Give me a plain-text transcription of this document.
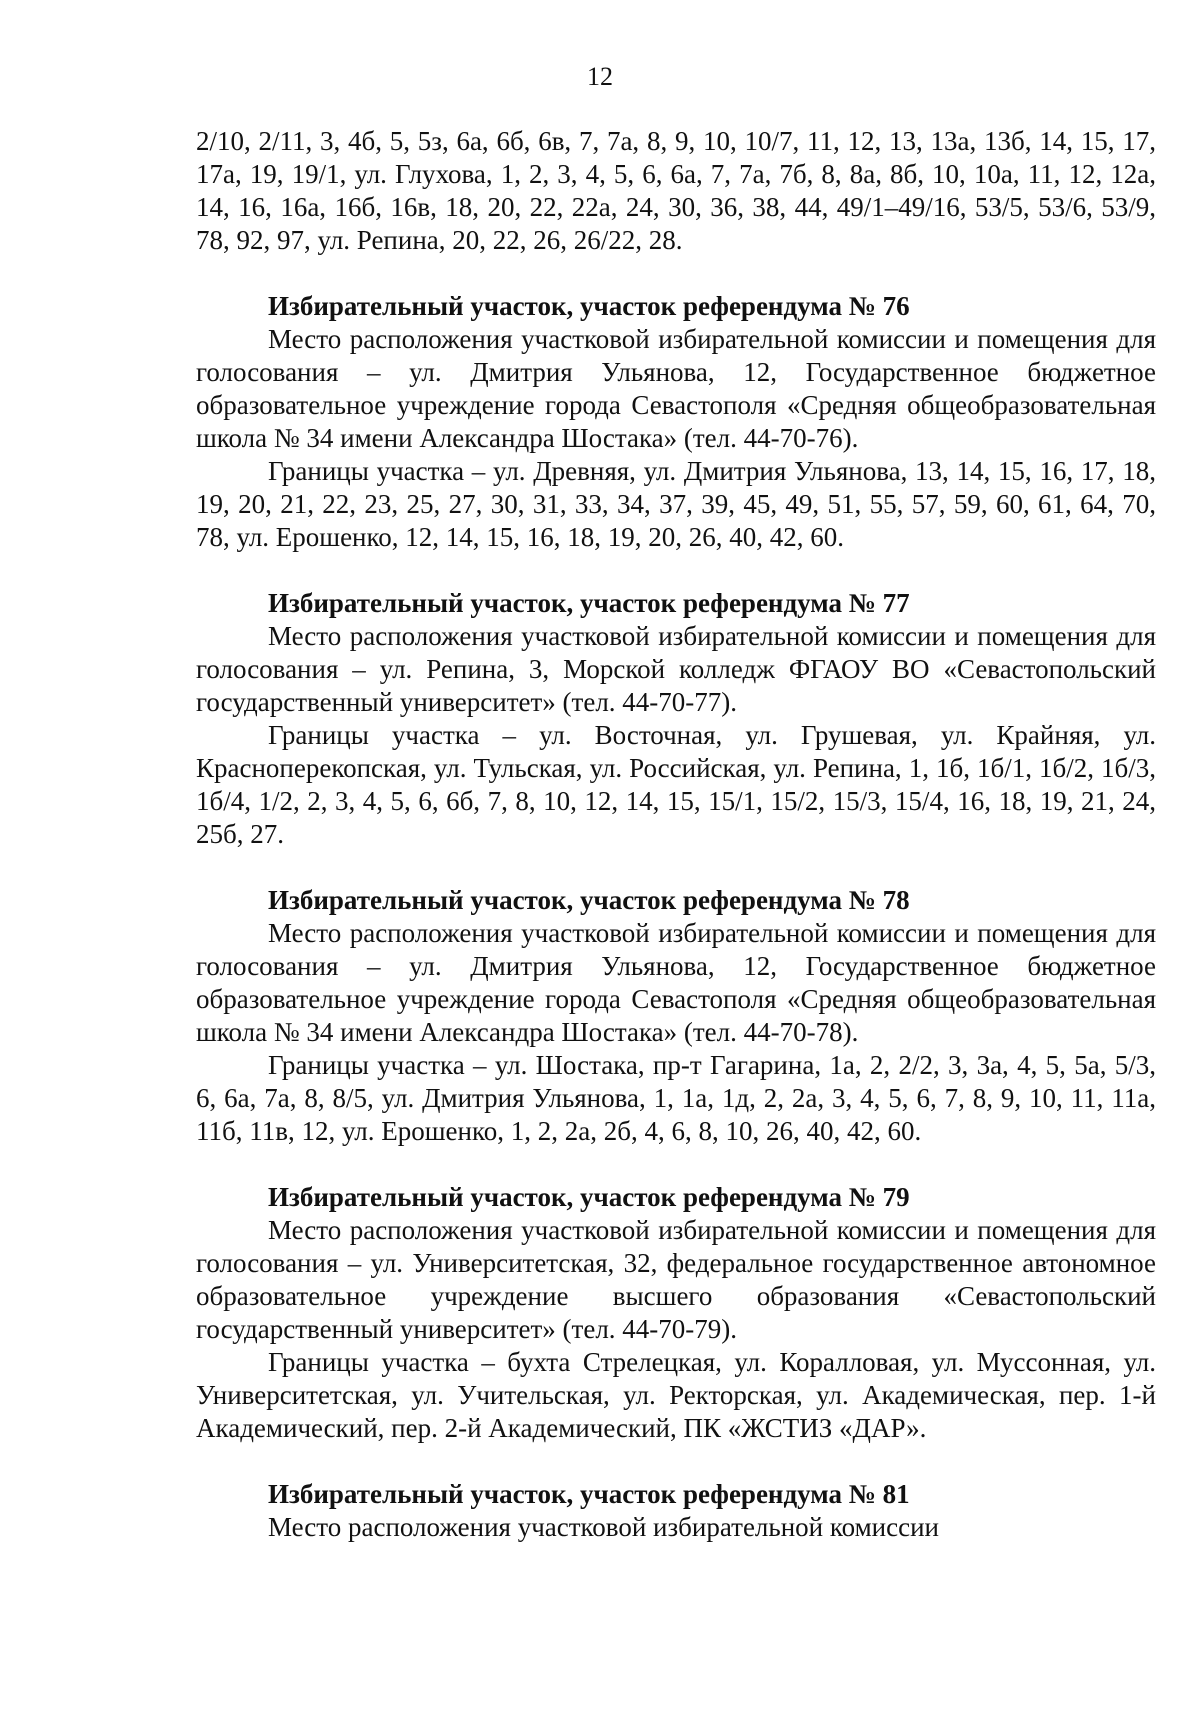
12

2/10, 2/11, 3, 4б, 5, 5з, 6а, 6б, 6в, 7, 7а, 8, 9, 10, 10/7, 11, 12, 13, 13а, 13б, 14, 15, 17, 17а, 19, 19/1, ул. Глухова, 1, 2, 3, 4, 5, 6, 6а, 7, 7а, 7б, 8, 8а, 8б, 10, 10а, 11, 12, 12а, 14, 16, 16а, 16б, 16в, 18, 20, 22, 22а, 24, 30, 36, 38, 44, 49/1–49/16, 53/5, 53/6, 53/9, 78, 92, 97, ул. Репина, 20, 22, 26, 26/22, 28.

Избирательный участок, участок референдума № 76

Место расположения участковой избирательной комиссии и помещения для голосования – ул. Дмитрия Ульянова, 12, Государственное бюджетное образовательное учреждение города Севастополя «Средняя общеобразовательная школа № 34 имени Александра Шостака» (тел. 44-70-76).

Границы участка – ул. Древняя, ул. Дмитрия Ульянова, 13, 14, 15, 16, 17, 18, 19, 20, 21, 22, 23, 25, 27, 30, 31, 33, 34, 37, 39, 45, 49, 51, 55, 57, 59, 60, 61, 64, 70, 78, ул. Ерошенко, 12, 14, 15, 16, 18, 19, 20, 26, 40, 42, 60.

Избирательный участок, участок референдума № 77

Место расположения участковой избирательной комиссии и помещения для голосования – ул. Репина, 3, Морской колледж ФГАОУ ВО «Севастопольский государственный университет» (тел. 44-70-77).

Границы участка – ул. Восточная, ул. Грушевая, ул. Крайняя, ул. Красноперекопская, ул. Тульская, ул. Российская, ул. Репина, 1, 1б, 1б/1, 1б/2, 1б/3, 1б/4, 1/2, 2, 3, 4, 5, 6, 6б, 7, 8, 10, 12, 14, 15, 15/1, 15/2, 15/3, 15/4, 16, 18, 19, 21, 24, 25б, 27.

Избирательный участок, участок референдума № 78

Место расположения участковой избирательной комиссии и помещения для голосования – ул. Дмитрия Ульянова, 12, Государственное бюджетное образовательное учреждение города Севастополя «Средняя общеобразовательная школа № 34 имени Александра Шостака» (тел. 44-70-78).

Границы участка – ул. Шостака, пр-т Гагарина, 1а, 2, 2/2, 3, 3а, 4, 5, 5а, 5/3, 6, 6а, 7а, 8, 8/5, ул. Дмитрия Ульянова, 1, 1а, 1д, 2, 2а, 3, 4, 5, 6, 7, 8, 9, 10, 11, 11а, 11б, 11в, 12, ул. Ерошенко, 1, 2, 2а, 2б, 4, 6, 8, 10, 26, 40, 42, 60.

Избирательный участок, участок референдума № 79

Место расположения участковой избирательной комиссии и помещения для голосования – ул. Университетская, 32, федеральное государственное автономное образовательное учреждение высшего образования «Севастопольский государственный университет» (тел. 44-70-79).

Границы участка – бухта Стрелецкая, ул. Коралловая, ул. Муссонная, ул. Университетская, ул. Учительская, ул. Ректорская, ул. Академическая, пер. 1-й Академический, пер. 2-й Академический, ПК «ЖСТИЗ «ДАР».

Избирательный участок, участок референдума № 81

Место расположения участковой избирательной комиссии
